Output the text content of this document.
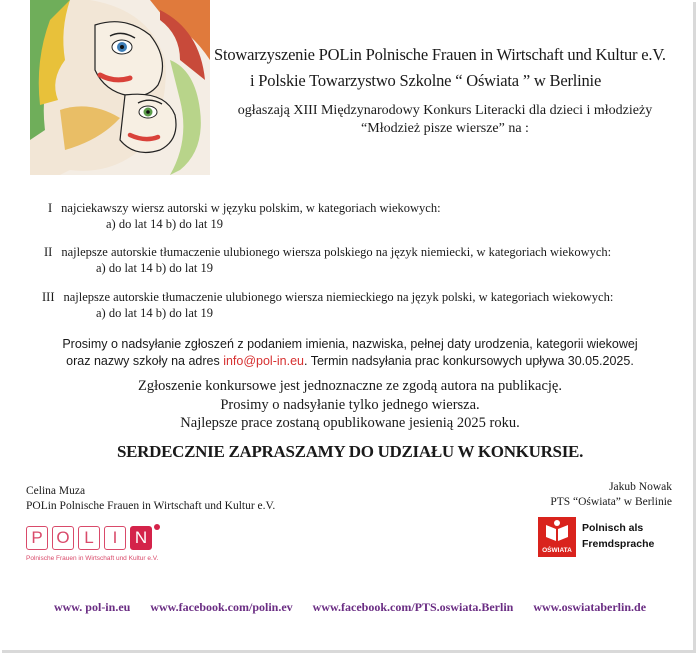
Stowarzyszenie POLin Polnische Frauen in Wirtschaft und Kultur e.V.
i Polskie Towarzystwo Szkolne “ Oświata ” w Berlinie
ogłaszają XIII Międzynarodowy Konkurs Literacki dla dzieci i młodzieży
“Młodzież pisze wiersze” na :
I najciekawszy wiersz autorski w języku polskim, w kategoriach wiekowych:
a) do lat 14 b) do lat 19
II najlepsze autorskie tłumaczenie ulubionego wiersza polskiego na język niemiecki, w kategoriach wiekowych:
a) do lat 14 b) do lat 19
III najlepsze autorskie tłumaczenie ulubionego wiersza niemieckiego na język polski, w kategoriach wiekowych:
a) do lat 14 b) do lat 19
Prosimy o nadsyłanie zgłoszeń z podaniem imienia, nazwiska, pełnej daty urodzenia, kategorii wiekowej
oraz nazwy szkoły na adres info@pol-in.eu. Termin nadsyłania prac konkursowych upływa 30.05.2025.
Zgłoszenie konkursowe jest jednoznaczne ze zgodą autora na publikację.
Prosimy o nadsyłanie tylko jednego wiersza.
Najlepsze prace zostaną opublikowane jesienią 2025 roku.
SERDECZNIE ZAPRASZAMY DO UDZIAŁU W KONKURSIE.
Celina Muza
POLin Polnische Frauen in Wirtschaft und Kultur e.V.
Jakub Nowak
PTS “Oświata” w Berlinie
P O L	I	N
Polnische Frauen in Wirtschaft und Kultur e.V.
OŚWIATA
Polnisch als
Fremdsprache
www. pol-in.eu www.facebook.com/polin.ev www.facebook.com/PTS.oswiata.Berlin www.oswiataberlin.de
